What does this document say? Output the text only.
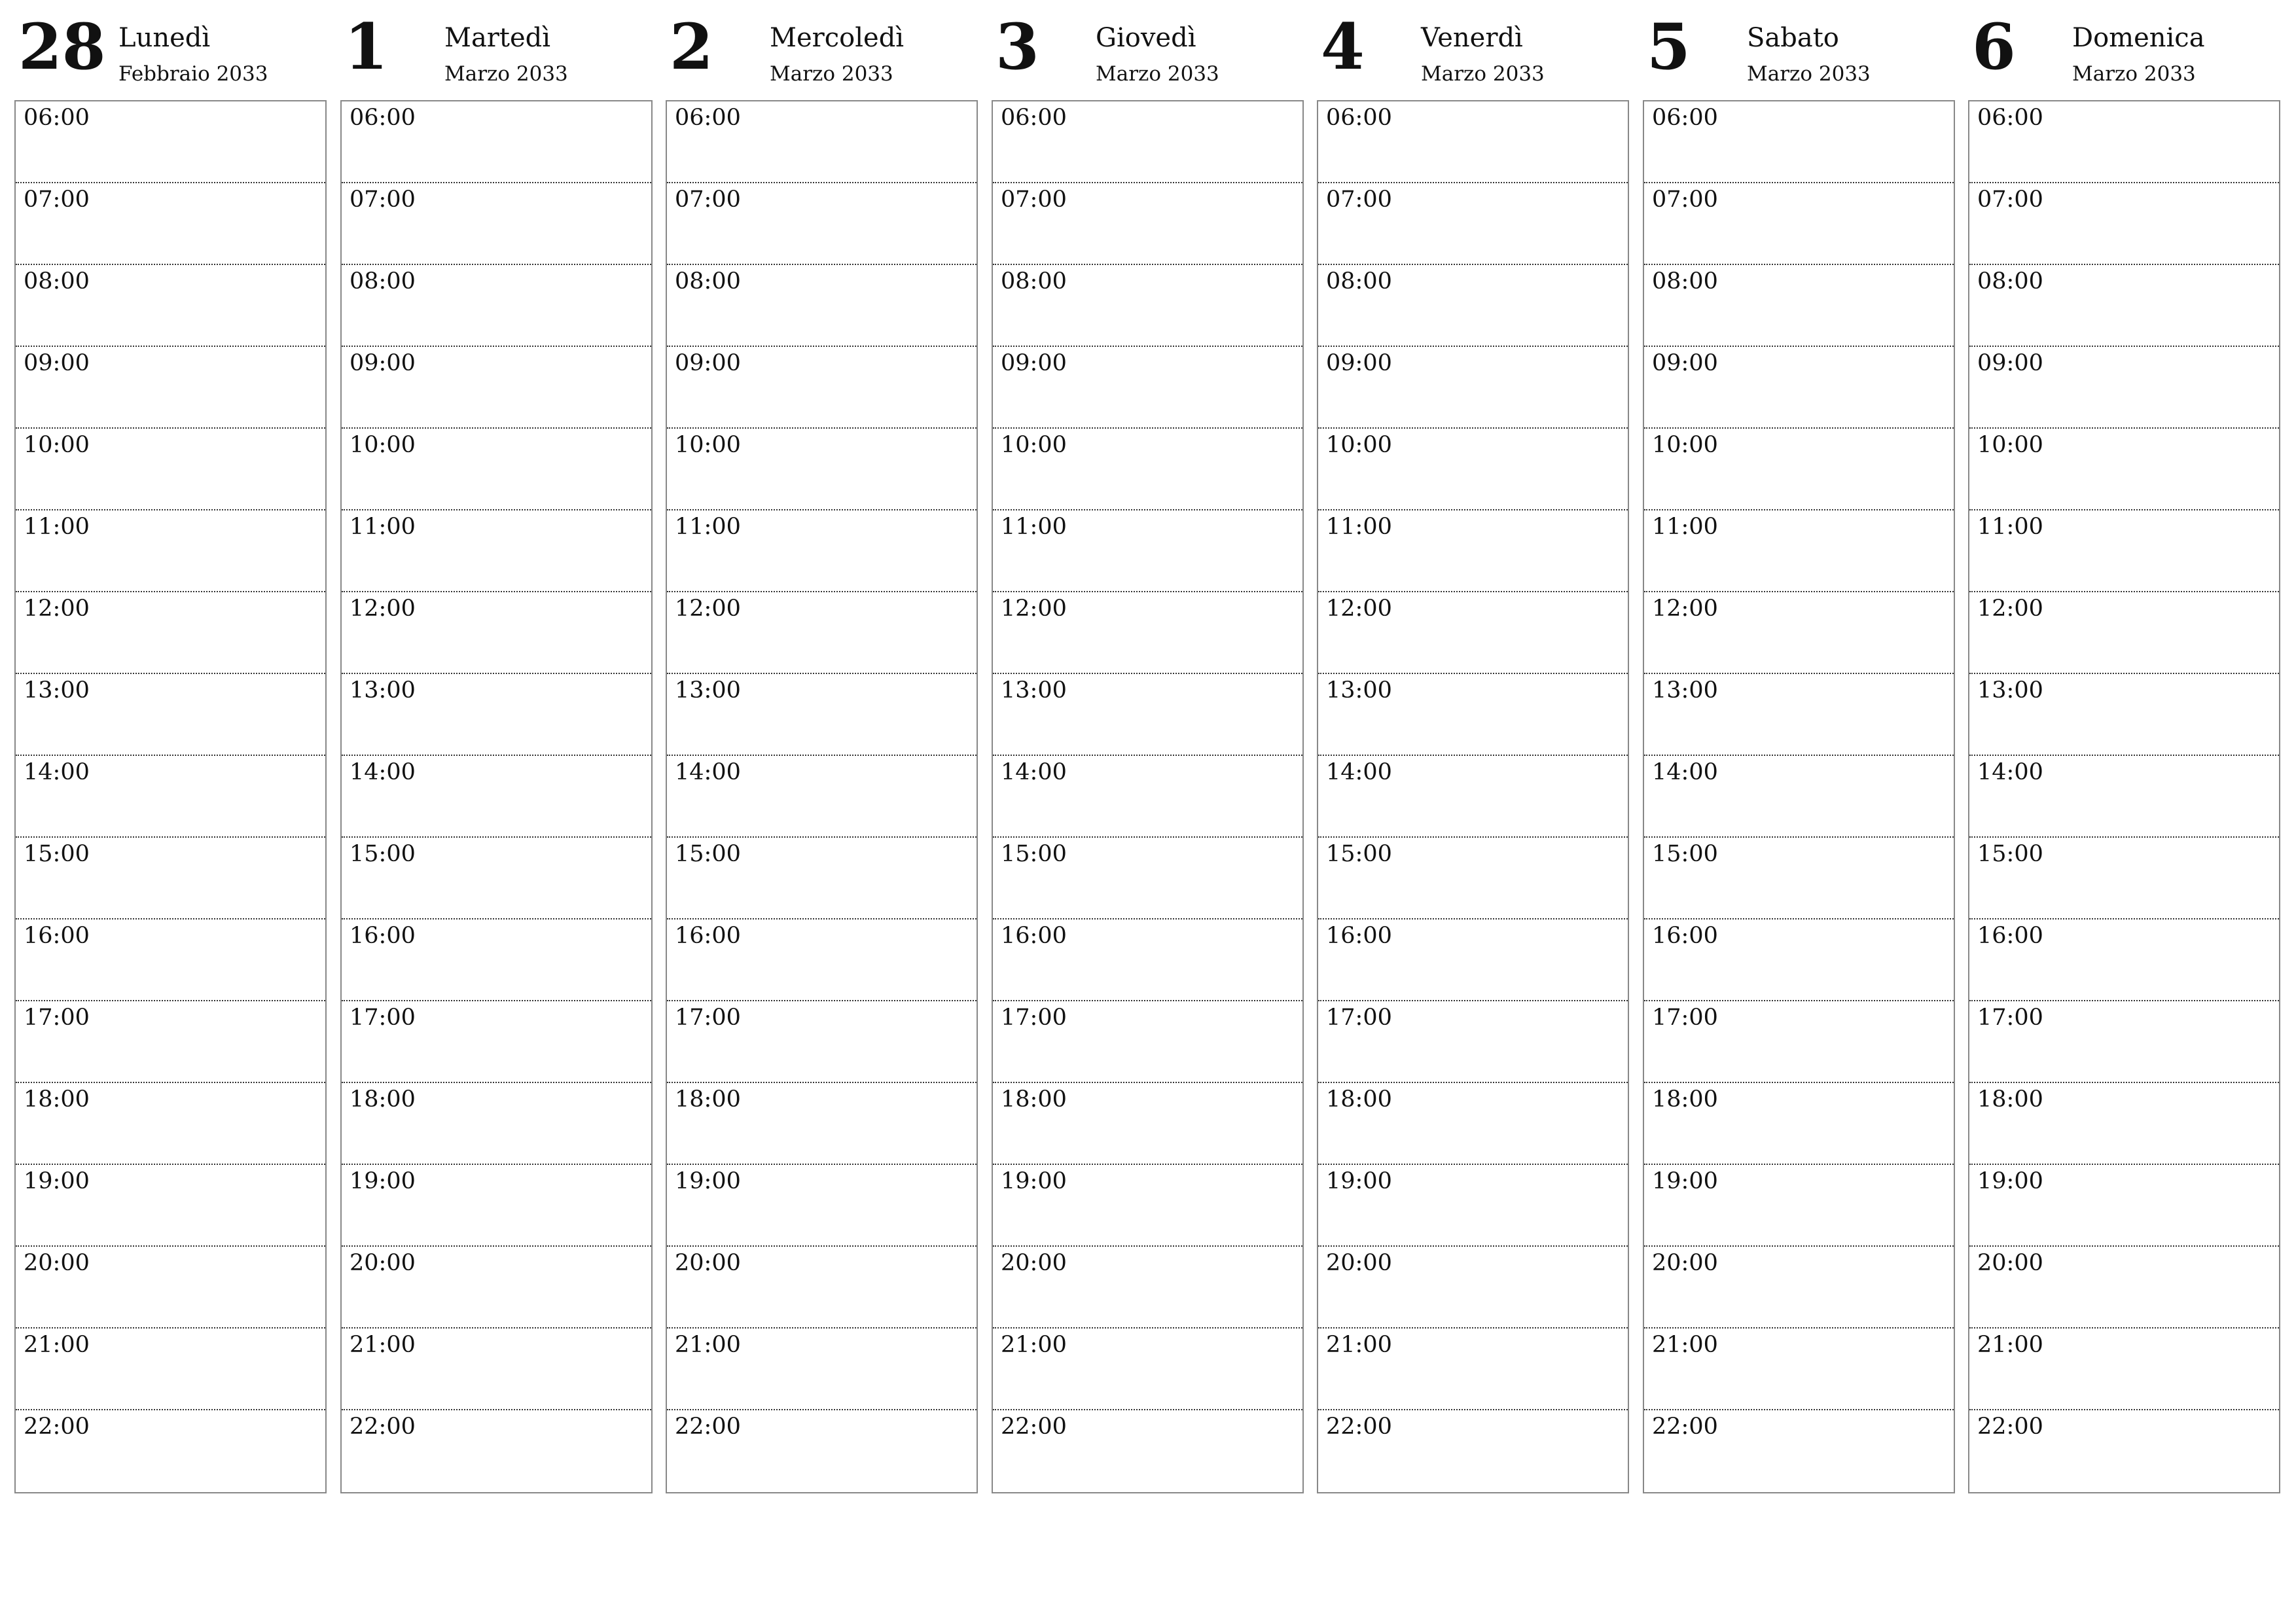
28 Lunedì
Febbraio 2033
06:00
07:00
08:00
09:00
10:00
11:00
12:00
13:00
14:00
15:00
16:00
17:00
18:00
19:00
20:00
21:00
22:00
1 Martedì
Marzo 2033
06:00
07:00
08:00
09:00
10:00
11:00
12:00
13:00
14:00
15:00
16:00
17:00
18:00
19:00
20:00
21:00
22:00
2 Mercoledì
Marzo 2033
06:00
07:00
08:00
09:00
10:00
11:00
12:00
13:00
14:00
15:00
16:00
17:00
18:00
19:00
20:00
21:00
22:00
3 Giovedì
Marzo 2033
06:00
07:00
08:00
09:00
10:00
11:00
12:00
13:00
14:00
15:00
16:00
17:00
18:00
19:00
20:00
21:00
22:00
4 Venerdì
Marzo 2033
06:00
07:00
08:00
09:00
10:00
11:00
12:00
13:00
14:00
15:00
16:00
17:00
18:00
19:00
20:00
21:00
22:00
5 Sabato
Marzo 2033
06:00
07:00
08:00
09:00
10:00
11:00
12:00
13:00
14:00
15:00
16:00
17:00
18:00
19:00
20:00
21:00
22:00
6 Domenica
Marzo 2033
06:00
07:00
08:00
09:00
10:00
11:00
12:00
13:00
14:00
15:00
16:00
17:00
18:00
19:00
20:00
21:00
22:00
